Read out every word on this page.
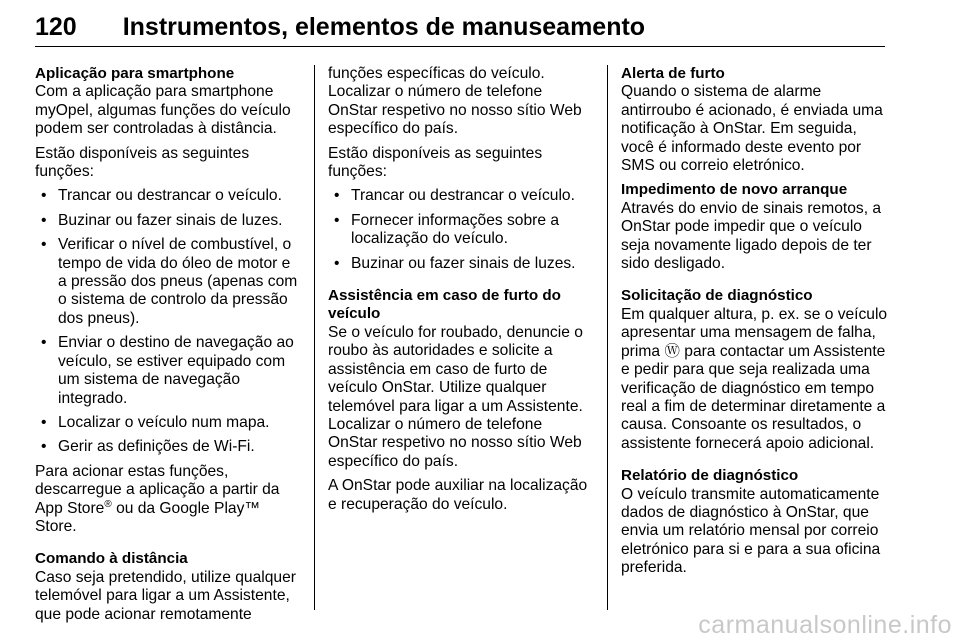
120 Instrumentos, elementos de manuseamento
Aplicação para smartphone

Com a aplicação para smartphone myOpel, algumas funções do veículo podem ser controladas à distância.

Estão disponíveis as seguintes funções:

• Trancar ou destrancar o veículo.
• Buzinar ou fazer sinais de luzes.
• Verificar o nível de combustível, o tempo de vida do óleo de motor e a pressão dos pneus (apenas com o sistema de controlo da pressão dos pneus).
• Enviar o destino de navegação ao veículo, se estiver equipado com um sistema de navegação integrado.
• Localizar o veículo num mapa.
• Gerir as definições de Wi-Fi.

Para acionar estas funções, descarregue a aplicação a partir da App Store® ou da Google Play™ Store.

Comando à distância

Caso seja pretendido, utilize qualquer telemóvel para ligar a um Assistente, que pode acionar remotamente

funções específicas do veículo. Localizar o número de telefone OnStar respetivo no nosso sítio Web específico do país.

Estão disponíveis as seguintes funções:

• Trancar ou destrancar o veículo.
• Fornecer informações sobre a localização do veículo.
• Buzinar ou fazer sinais de luzes.
Assistência em caso de furto do veículo

Se o veículo for roubado, denuncie o roubo às autoridades e solicite a assistência em caso de furto de veículo OnStar. Utilize qualquer telemóvel para ligar a um Assistente. Localizar o número de telefone OnStar respetivo no nosso sítio Web específico do país.

A OnStar pode auxiliar na localização e recuperação do veículo.

Alerta de furto

Quando o sistema de alarme antirroubo é acionado, é enviada uma notificação à OnStar. Em seguida, você é informado deste evento por SMS ou correio eletrónico.

Impedimento de novo arranque

Através do envio de sinais remotos, a OnStar pode impedir que o veículo seja novamente ligado depois de ter sido desligado.

Solicitação de diagnóstico

Em qualquer altura, p. ex. se o veículo apresentar uma mensagem de falha, prima Ⓦ para contactar um Assistente e pedir para que seja realizada uma verificação de diagnóstico em tempo real a fim de determinar diretamente a causa. Consoante os resultados, o assistente fornecerá apoio adicional.

Relatório de diagnóstico

O veículo transmite automaticamente dados de diagnóstico à OnStar, que envia um relatório mensal por correio eletrónico para si e para a sua oficina preferida.

carmanualsonline.info
